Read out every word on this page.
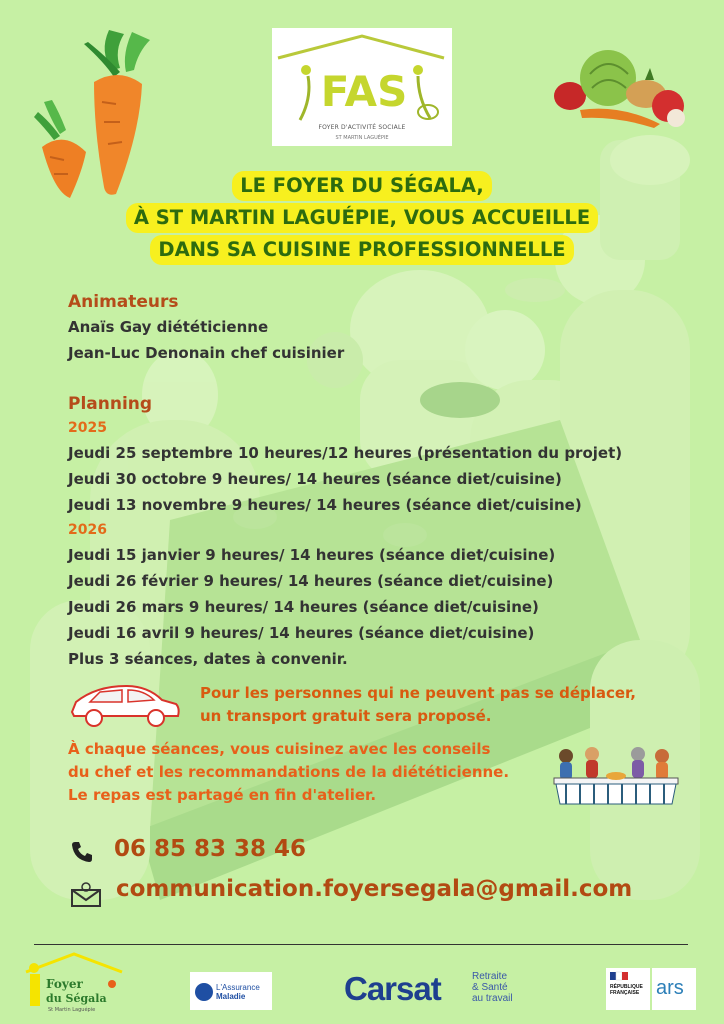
FAS
FOYER D'ACTIVITÉ SOCIALE
ST MARTIN LAGUÉPIE
LE FOYER DU SÉGALA,
À ST MARTIN LAGUÉPIE, VOUS ACCUEILLE
DANS SA CUISINE PROFESSIONNELLE
Animateurs
Anaïs Gay diététicienne
Jean-Luc Denonain chef cuisinier
Planning
2025
Jeudi 25 septembre 10 heures/12 heures (présentation du projet)
Jeudi 30 octobre 9 heures/ 14 heures (séance diet/cuisine)
Jeudi 13 novembre 9 heures/ 14 heures (séance diet/cuisine)
2026
Jeudi 15 janvier 9 heures/ 14 heures (séance diet/cuisine)
Jeudi 26 février 9 heures/ 14 heures (séance diet/cuisine)
Jeudi 26 mars 9 heures/ 14 heures (séance diet/cuisine)
Jeudi 16 avril 9 heures/ 14 heures (séance diet/cuisine)
Plus 3 séances, dates à convenir.
Pour les personnes qui ne peuvent pas se déplacer,
un transport gratuit sera proposé.
À chaque séances, vous cuisinez avec les conseils
du chef et les recommandations de la diététicienne.
Le repas est partagé en fin d'atelier.
06 85 83 38 46
communication.foyersegala@gmail.com
Foyer
du Ségala
St Martin Laguépie
L'Assurance
Maladie	Carsat	Retraite
& Santé
au travail
RÉPUBLIQUE
FRANÇAISE ars
